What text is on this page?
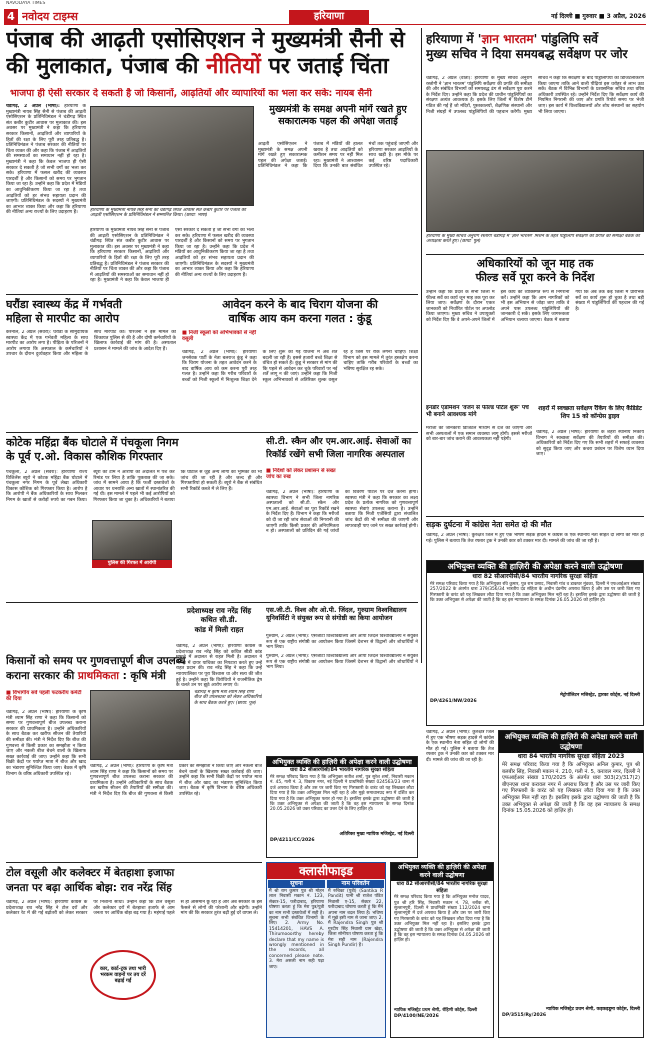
NAVODAYA TIMES
4 नवोदय टाइम्स	हरियाणा	नई दिल्ली ■ गुरुवार ■ 3 अप्रैल, 2026
पंजाब की आढ़ती एसोसिएशन ने मुख्यमंत्री सैनी से
की मुलाकात, पंजाब की नीतियों पर जताई चिंता
भाजपा ही ऐसी सरकार दे सकती है जो किसानों, आढ़तियों और व्यापारियों का भला कर सके: नायब सैनी
चंडीगढ़, 2 अप्रैल (भाषा): हरियाणा के मुख्यमंत्री नायब सिंह सैनी से पंजाब की आढ़ती एसोसिएशन के प्रतिनिधिमंडल ने चंडीगढ़ स्थित संत कबीर कुटीर आवास पर मुलाकात की। इस अवसर पर मुख्यमंत्री ने कहा कि हरियाणा सरकार किसानों, आढ़तियों और व्यापारियों के हितों की रक्षा के लिए पूरी तरह प्रतिबद्ध है। प्रतिनिधिमंडल ने पंजाब सरकार की नीतियों पर चिंता व्यक्त की और कहा कि पंजाब में आढ़तियों की समस्याओं का समाधान नहीं हो रहा है। मुख्यमंत्री ने कहा कि केवल भाजपा ही ऐसी सरकार दे सकती है जो सभी वर्गों का भला कर सके। हरियाणा में फसल खरीद की व्यवस्था पारदर्शी है और किसानों को समय पर भुगतान किया जा रहा है। उन्होंने कहा कि प्रदेश में मंडियों का आधुनिकीकरण किया जा रहा है तथा आढ़तियों को हर संभव सहायता प्रदान की जाएगी। प्रतिनिधिमंडल के सदस्यों ने मुख्यमंत्री का आभार व्यक्त किया और कहा कि हरियाणा की नीतियां अन्य राज्यों के लिए उदाहरण हैं।	हरियाणा के मुख्यमंत्री नायब सिंह सैनी को चंडीगढ़ स्थित आवास संत कबीर कुटीर पर पंजाब की आढ़ती एसोसिएशन के प्रतिनिधिमंडल ने सम्मानित किया। (छाया: भाषा)
हरियाणा के मुख्यमंत्री नायब सिंह सैनी से पंजाब की आढ़ती एसोसिएशन के प्रतिनिधिमंडल ने चंडीगढ़ स्थित संत कबीर कुटीर आवास पर मुलाकात की। इस अवसर पर मुख्यमंत्री ने कहा कि हरियाणा सरकार किसानों, आढ़तियों और व्यापारियों के हितों की रक्षा के लिए पूरी तरह प्रतिबद्ध है। प्रतिनिधिमंडल ने पंजाब सरकार की नीतियों पर चिंता व्यक्त की और कहा कि पंजाब में आढ़तियों की समस्याओं का समाधान नहीं हो रहा है। मुख्यमंत्री ने कहा कि केवल भाजपा ही ऐसी सरकार दे सकती है जो सभी वर्गों का भला कर सके। हरियाणा में फसल खरीद की व्यवस्था पारदर्शी है और किसानों को समय पर भुगतान किया जा रहा है। उन्होंने कहा कि प्रदेश में मंडियों का आधुनिकीकरण किया जा रहा है तथा आढ़तियों को हर संभव सहायता प्रदान की जाएगी। प्रतिनिधिमंडल के सदस्यों ने मुख्यमंत्री का आभार व्यक्त किया और कहा कि हरियाणा की नीतियां अन्य राज्यों के लिए उदाहरण हैं।
मुख्यमंत्री के समक्ष अपनी मांगें रखते हुए सकारात्मक पहल की अपेक्षा जताई
आढ़ती एसोसिएशन ने मुख्यमंत्री के समक्ष अपनी मांगें रखते हुए सकारात्मक पहल की अपेक्षा जताई। प्रतिनिधिमंडल ने कहा कि पंजाब में मंडियों की हालत खराब है तथा आढ़तियों को कमीशन समय पर नहीं मिल रहा। मुख्यमंत्री ने आश्वासन दिया कि उनकी बात संबंधित मंचों तक पहुंचाई जाएगी और हरियाणा सरकार आढ़तियों के साथ खड़ी है। इस मौके पर कई वरिष्ठ पदाधिकारी उपस्थित रहे।
हरियाणा में 'ज्ञान भारतम' पांडुलिपि सर्वे
मुख्य सचिव ने दिया समयबद्ध सर्वेक्षण पर जोर
चंडीगढ़, 2 अप्रैल (वार्ता): हरियाणा के मुख्य सचिव अनुराग रस्तोगी ने 'ज्ञान भारतम' पांडुलिपि सर्वेक्षण की प्रगति की समीक्षा की और संबंधित विभागों को समयबद्ध ढंग से सर्वेक्षण पूरा करने के निर्देश दिए। उन्होंने कहा कि प्रदेश की प्राचीन पांडुलिपियों का संरक्षण अत्यंत आवश्यक है। इसके लिए जिलों में विशेष टीमें गठित की गई हैं जो मंदिरों, पुस्तकालयों, शैक्षणिक संस्थानों और निजी संग्रहों में उपलब्ध पांडुलिपियों की पहचान करेंगी। मुख्य सचिव ने कहा कि सर्वेक्षण के बाद पांडुलिपियों का डिजिटलीकरण किया जाएगा ताकि आने वाली पीढ़ियां इस धरोहर से लाभ उठा सकें। बैठक में विभिन्न विभागों के प्रशासनिक सचिव तथा वरिष्ठ अधिकारी उपस्थित रहे। उन्होंने निर्देश दिए कि सर्वेक्षण कार्य की नियमित निगरानी की जाए और प्रगति रिपोर्ट समय पर भेजी जाए। इस कार्य में विश्वविद्यालयों और शोध संस्थानों का सहयोग भी लिया जाएगा।
हरियाणा के मुख्य सचिव अनुराग रस्तोगी चंडीगढ़ में 'ज्ञान भारतम' मिशन के तहत पांडुलिपि सर्वेक्षण की प्रगति की समीक्षा बैठक की अध्यक्षता करते हुए। (छाया: पूल)
अधिकारियों को जून माह तक
फील्ड सर्वे पूरा करने के निर्देश
उन्होंने कहा कि प्रदेश के सभी जिलों में फील्ड सर्वे का कार्य जून माह तक पूरा कर लिया जाए। सर्वेक्षण के दौरान एकत्र जानकारी को निर्धारित पोर्टल पर अपलोड किया जाएगा। मुख्य सचिव ने उपायुक्तों को निर्देश दिए कि वे अपने-अपने जिलों में इस कार्य की व्यक्तिगत रूप से निगरानी करें। उन्होंने कहा कि आम नागरिकों को भी इस अभियान से जोड़ा जाए ताकि वे अपने पास उपलब्ध पांडुलिपियों की जानकारी दे सकें। इसके लिए जागरूकता अभियान चलाया जाएगा। बैठक में बताया गया कि अब तक कई जिलों में प्रारंभिक सर्वे का कार्य शुरू हो चुका है तथा बड़ी संख्या में पांडुलिपियों की पहचान की गई है।
शहरों में स्वच्छता सर्वेक्षण रैंकिंग के लिए कैंडिडेट शिप 15 को कॉन्ग्रेस ड्राइव
चंडीगढ़, 2 अप्रैल (भाषा): हरियाणा के शहरी स्थानीय निकाय विभाग ने स्वच्छता सर्वेक्षण की तैयारियों की समीक्षा की। अधिकारियों को निर्देश दिए गए कि सभी शहरों में सफाई व्यवस्था को सुदृढ़ किया जाए और कचरा प्रबंधन पर विशेष ध्यान दिया जाए।
घरौंडा स्वास्थ्य केंद्र में गर्भवती
महिला से मारपीट का आरोप
करनाल, 2 अप्रैल (सवेरा): घरौंडा के सामुदायिक स्वास्थ्य केंद्र में एक गर्भवती महिला के साथ मारपीट का आरोप लगा है। पीड़िता के परिजनों ने आरोप लगाया कि अस्पताल के कर्मचारियों ने उपचार के दौरान दुर्व्यवहार किया और महिला के साथ मारपीट की। परिजनों ने इस मामले की शिकायत पुलिस से की है और दोषी कर्मचारियों के खिलाफ कार्रवाई की मांग की है। अस्पताल प्रशासन ने मामले की जांच के आदेश दिए हैं।
आवेदन करने के बाद चिराग योजना की
वार्षिक आय कम करना गलत : कुंडू
■ निजी स्कूलों को अभिभावकों से नहीं वसूली
चंडीगढ़, 2 अप्रैल (भाषा): हरियाणा जनसेवक पार्टी के नेता बलराज कुंडू ने कहा कि चिराग योजना के तहत आवेदन करने के बाद वार्षिक आय को कम करना पूरी तरह गलत है। उन्होंने कहा कि गरीब परिवारों के बच्चों को निजी स्कूलों में निःशुल्क शिक्षा देने के लिए शुरू की गई योजना में अब शर्तें बदली जा रही हैं। इससे हजारों बच्चे शिक्षा से वंचित हो सकते हैं। कुंडू ने सरकार से मांग की कि पहले से आवेदन कर चुके परिवारों पर नई शर्तें लागू न की जाएं। उन्होंने कहा कि निजी स्कूल अभिभावकों से अतिरिक्त शुल्क वसूल रहे हैं जिस पर रोक लगनी चाहिए। शिक्षा विभाग को इस मामले में तुरंत हस्तक्षेप करना चाहिए ताकि गरीब परिवारों के बच्चों का भविष्य सुरक्षित रह सके।
कोटेक महिंद्रा बैंक घोटाले में पंचकूला निगम
के पूर्व ए.ओ. विकास कौशिक गिरफ्तार
पंचकूला, 2 अप्रैल (सवेरा): हरियाणा राज्य विजिलेंस ब्यूरो ने कोटक महिंद्रा बैंक घोटाले में पंचकूला नगर निगम के पूर्व लेखा अधिकारी विकास कौशिक को गिरफ्तार किया है। आरोप है कि आरोपी ने बैंक अधिकारियों के साथ मिलकर निगम के खातों से करोड़ों रुपये का गबन किया। ब्यूरो की टीम ने आरोपी को अदालत में पेश कर रिमांड पर लिया है ताकि पूछताछ की जा सके। जांच में सामने आया है कि फर्जी दस्तावेजों के आधार पर धनराशि अन्य खातों में स्थानांतरित की गई थी। इस मामले में पहले भी कई आरोपियों को गिरफ्तार किया जा चुका है। अधिकारियों ने बताया कि घोटाले से जुड़े अन्य लोगों की भूमिका की भी जांच की जा रही है और जल्द ही और गिरफ्तारियां हो सकती हैं। ब्यूरो ने बैंक से संबंधित सभी रिकॉर्ड कब्जे में ले लिए हैं।
पुलिस की गिरफ्त में आरोपी
सी.टी. स्कैन और एम.आर.आई. सेवाओं का
रिकॉर्ड रखेंगे सभी जिला नागरिक अस्पताल
■ निर्देशों को लेकर प्रशासन से सख्त जांच का रुख
चंडीगढ़, 2 अप्रैल (भाषा): हरियाणा के स्वास्थ्य विभाग ने सभी जिला नागरिक अस्पतालों को सी.टी. स्कैन और एम.आर.आई. सेवाओं का पूरा रिकॉर्ड रखने के निर्देश दिए हैं। विभाग ने कहा कि मरीजों को दी जा रही जांच सेवाओं की निगरानी की जाएगी ताकि किसी प्रकार की अनियमितता न हो। अस्पतालों को प्रतिदिन की गई जांचों का विवरण पोर्टल पर दर्ज करना होगा। स्वास्थ्य मंत्री ने कहा कि सरकार का लक्ष्य प्रदेश के प्रत्येक नागरिक को गुणवत्तापूर्ण स्वास्थ्य सेवाएं उपलब्ध कराना है। उन्होंने बताया कि निजी एजेंसियों द्वारा संचालित जांच केंद्रों की भी समीक्षा की जाएगी और लापरवाही पाए जाने पर सख्त कार्रवाई होगी।
इनडोर एडमिशन 'वजन से फील्ड पोर्टल शुरू' पर्चे भी बनाने आवश्यक मांगे
मरीजों की जानकारी डिजिटल माध्यम से दर्ज की जाएगी और सभी अस्पतालों में एक समान व्यवस्था लागू होगी। इससे मरीजों को बार-बार जांच कराने की आवश्यकता नहीं पड़ेगी।
एस.जी.टी. विश्व और ओ.पी. जिंदल, गुरुग्राम विश्वविद्यालय यूनिवर्सिटी ने संयुक्त रूप से संगोष्ठी का किया आयोजन
गुरुग्राम, 2 अप्रैल (भाषा): एसजीटी विश्वविद्यालय और ओपी जिंदल विश्वविद्यालय ने संयुक्त रूप से एक राष्ट्रीय संगोष्ठी का आयोजन किया जिसमें देशभर से विद्वानों और शोधार्थियों ने भाग लिया।
सड़क दुर्घटना में कांग्रेस नेता समेत दो की मौत
चंडीगढ़, 2 अप्रैल (भाषा): कुरुक्षेत्र जिले में हुए एक भीषण सड़क हादसे में कांग्रेस के एक स्थानीय नेता सहित दो लोगों की मौत हो गई। पुलिस ने बताया कि तेज रफ्तार ट्रक ने उनकी कार को टक्कर मार दी। मामले की जांच की जा रही है।
प्रदेशाध्यक्ष राव नरेंद्र सिंह
कथित सी.डी.
कांड में मिली राहत
चंडीगढ़, 2 अप्रैल (भाषा): हरियाणा कांग्रेस के प्रदेशाध्यक्ष राव नरेंद्र सिंह को कथित सीडी कांड मामले में अदालत से राहत मिली है। अदालत ने मामले में दायर याचिका का निपटारा करते हुए उन्हें राहत प्रदान की। राव नरेंद्र सिंह ने कहा कि उन्हें न्यायपालिका पर पूरा विश्वास था और सत्य की जीत हुई है। उन्होंने कहा कि विरोधियों ने राजनीतिक द्वेष के चलते उन पर झूठे आरोप लगाए थे।
किसानों को समय पर गुणवत्तापूर्ण बीज उपलब्ध
कराना सरकार की प्राथमिकता : कृषि मंत्री
■ विभागीय सर्व पहली फटकरीय कमेटी की दिया
चंडीगढ़, 2 अप्रैल (भाषा): हरियाणा के कृषि मंत्री श्याम सिंह राणा ने कहा कि किसानों को समय पर गुणवत्तापूर्ण बीज उपलब्ध कराना सरकार की प्राथमिकता है। उन्होंने अधिकारियों के साथ बैठक कर खरीफ सीजन की तैयारियों की समीक्षा की। मंत्री ने निर्देश दिए कि बीज की गुणवत्ता से किसी प्रकार का समझौता न किया जाए और नकली बीज बेचने वालों के खिलाफ सख्त कार्रवाई की जाए। उन्होंने कहा कि सभी बिक्री केंद्रों पर पर्याप्त मात्रा में बीज और खाद का भंडारण सुनिश्चित किया जाए। बैठक में कृषि विभाग के वरिष्ठ अधिकारी उपस्थित रहे।
चंडीगढ़ में कृषि मंत्री श्याम सिंह राणा बीज की उपलब्धता को लेकर अधिकारियों के साथ बैठक करते हुए। (छाया: पूल)
चंडीगढ़, 2 अप्रैल (भाषा): हरियाणा के कृषि मंत्री श्याम सिंह राणा ने कहा कि किसानों को समय पर गुणवत्तापूर्ण बीज उपलब्ध कराना सरकार की प्राथमिकता है। उन्होंने अधिकारियों के साथ बैठक कर खरीफ सीजन की तैयारियों की समीक्षा की। मंत्री ने निर्देश दिए कि बीज की गुणवत्ता से किसी प्रकार का समझौता न किया जाए और नकली बीज बेचने वालों के खिलाफ सख्त कार्रवाई की जाए। उन्होंने कहा कि सभी बिक्री केंद्रों पर पर्याप्त मात्रा में बीज और खाद का भंडारण सुनिश्चित किया जाए। बैठक में कृषि विभाग के वरिष्ठ अधिकारी उपस्थित रहे।
टोल वसूली और कलेक्टर में बेतहाशा इजाफा
जनता पर बढ़ा आर्थिक बोझ: राव नरेंद्र सिंह
चंडीगढ़, 2 अप्रैल (भाषा): हरियाणा कांग्रेस के प्रदेशाध्यक्ष राव नरेंद्र सिंह ने टोल दरों और कलेक्टर रेट में की गई बढ़ोतरी को लेकर सरकार पर निशाना साधा। उन्होंने कहा कि टोल वसूली और कलेक्टर दरों में बेतहाशा इजाफे से आम जनता पर आर्थिक बोझ बढ़ गया है। महंगाई पहले से ही आसमान छू रही है और अब सरकार के इस फैसले से लोगों की परेशानी और बढ़ेगी। उन्होंने मांग की कि सरकार तुरंत बढ़ी हुई दरें वापस ले।
कार, कार्ट-ट्रक तथा भारी भरकम वाहनों पर तय दरें बढ़ाई गईं
क्लासीफाइड
सूचना
मैं श्री राम कुमार पुत्र श्री मोहन लाल निवासी मकान नं. 123, सेक्टर-15, फरीदाबाद, हरियाणा घोषणा करता हूं कि मेरा पुत्र/पुत्री का नाम सभी दस्तावेजों में सही है। सूचना सभी संबंधित विभागों के लिए। 2. Army No. 15414201, HAVS A. Thirumooorthy hereby declare that my name is wrongly mentioned in the records, all concerned please note. 3. मेरा असली नाम सही पढ़ा जाए।
नाम परिवर्तन
मैं रुचिका (पुत्री) (Santika R Pandit) पत्नी श्री राजेश पंडित निवासी ए-15, सेक्टर 22, फरीदाबाद घोषणा करती हूं कि मैंने अपना नाम बदल लिया है। भविष्य में मुझे इसी नाम से जाना जाए। 2. मैं Rajendra Singh पुत्र श्री गुरदीप सिंह निवासी ग्राम खेड़ा, जिला सोनीपत घोषणा करता हूं कि मेरा सही नाम (Rajendra Singh Pundir) है।
अभियुक्त व्यक्ति की हाज़िरी की अपेक्षा करने वाली उद्घोषणा
धारा 82 सीआरपीसी/84 भारतीय नागरिक सुरक्षा संहिता
मेरे समक्ष परिवाद किया गया है कि अभियुक्त सतीश शर्मा, पुत्र सुरेश शर्मा, निवासी मकान नं. 45, गली नं. 3, विकास नगर, नई दिल्ली ने प्राथमिकी संख्या 024563/23 थाना में दर्ज अपराध किया है और उस पर जारी किए गए गिरफ्तारी के वारंट को यह लिखकर लौटा दिया गया है कि उक्त अभियुक्त मिल नहीं रहा है और मुझे समाधानप्रद रूप में दर्शित कर दिया गया है कि उक्त अभियुक्त फरार हो गया है। इसलिए इसके द्वारा उद्घोषणा की जाती है कि उक्त अभियुक्त से अपेक्षा की जाती है कि वह इस न्यायालय के समक्ष दिनांक 20.05.2026 को उक्त परिवाद का उत्तर देने के लिए हाज़िर हो।
अतिरिक्त मुख्य न्यायिक मजिस्ट्रेट, नई दिल्ली
DP/4211/CC/2026
अभियुक्त व्यक्ति की हाज़िरी की अपेक्षा करने वाली उद्घोषणा
धारा 82 सीआरपीसी/84 भारतीय नागरिक सुरक्षा संहिता
मेरे समक्ष परिवाद किया गया है कि अभियुक्त रवि कुमार, पुत्र राम प्रसाद, निवासी गांव व डाकघर मुंडका, दिल्ली ने एफआईआर संख्या 257/2022 के अंतर्गत धारा 379/356/34 भारतीय दंड संहिता के अधीन दंडनीय अपराध किया है और उस पर जारी किए गए गिरफ्तारी के वारंट को यह लिखकर लौटा दिया गया है कि उक्त अभियुक्त मिल नहीं रहा है। इसलिए इसके द्वारा उद्घोषणा की जाती है कि उक्त अभियुक्त से अपेक्षा की जाती है कि वह इस न्यायालय के समक्ष दिनांक 26.05.2026 को हाज़िर हो।
मेट्रोपॉलिटन मजिस्ट्रेट, द्वारका कोर्ट्स, नई दिल्ली
DP/4261/NW/2026
अभियुक्त व्यक्ति की हाज़िरी की अपेक्षा करने वाली उद्घोषणा
धारा 82 सीआरपीसी/84 भारतीय नागरिक सुरक्षा संहिता
मेरे समक्ष परिवाद किया गया है कि अभियुक्त मनोज यादव, पुत्र श्री हरि सिंह, निवासी मकान नं. 78, ब्लॉक सी, सुल्तानपुरी, दिल्ली ने प्राथमिकी संख्या 112/2024 थाना सुल्तानपुरी में दर्ज अपराध किया है और उस पर जारी किए गए गिरफ्तारी के वारंट को यह लिखकर लौटा दिया गया है कि उक्त अभियुक्त मिल नहीं रहा है। इसलिए इसके द्वारा उद्घोषणा की जाती है कि उक्त अभियुक्त से अपेक्षा की जाती है कि वह इस न्यायालय के समक्ष दिनांक 04.05.2026 को हाज़िर हो।
न्यायिक मजिस्ट्रेट प्रथम श्रेणी, रोहिणी कोर्ट्स, दिल्ली
DP/4100/NE/2026
अभियुक्त व्यक्ति की हाज़िरी की अपेक्षा करने वाली उद्घोषणा
धारा 84 भारतीय नागरिक सुरक्षा संहिता 2023
मेरे समक्ष परिवाद किया गया है कि अभियुक्त अनिल कुमार, पुत्र श्री बलबीर सिंह, निवासी मकान नं. 210, गली नं. 5, करावल नगर, दिल्ली ने एफआईआर संख्या 170/2025 के अंतर्गत धारा 303(2)/317(2) बीएनएस थाना करावल नगर में अपराध किया है और उस पर जारी किए गए गिरफ्तारी के वारंट को यह लिखकर लौटा दिया गया है कि उक्त अभियुक्त मिल नहीं रहा है। इसलिए इसके द्वारा उद्घोषणा की जाती है कि उक्त अभियुक्त से अपेक्षा की जाती है कि वह इस न्यायालय के समक्ष दिनांक 15.05.2026 को हाज़िर हो।
न्यायिक मजिस्ट्रेट प्रथम श्रेणी, कड़कड़डूमा कोर्ट्स, दिल्ली
DP/3515/Ry/2026
चंडीगढ़, 2 अप्रैल (भाषा): कुरुक्षेत्र जिले में हुए एक भीषण सड़क हादसे में कांग्रेस के एक स्थानीय नेता सहित दो लोगों की मौत हो गई। पुलिस ने बताया कि तेज रफ्तार ट्रक ने उनकी कार को टक्कर मार दी। मामले की जांच की जा रही है।
गुरुग्राम, 2 अप्रैल (भाषा): एसजीटी विश्वविद्यालय और ओपी जिंदल विश्वविद्यालय ने संयुक्त रूप से एक राष्ट्रीय संगोष्ठी का आयोजन किया जिसमें देशभर से विद्वानों और शोधार्थियों ने भाग लिया।
